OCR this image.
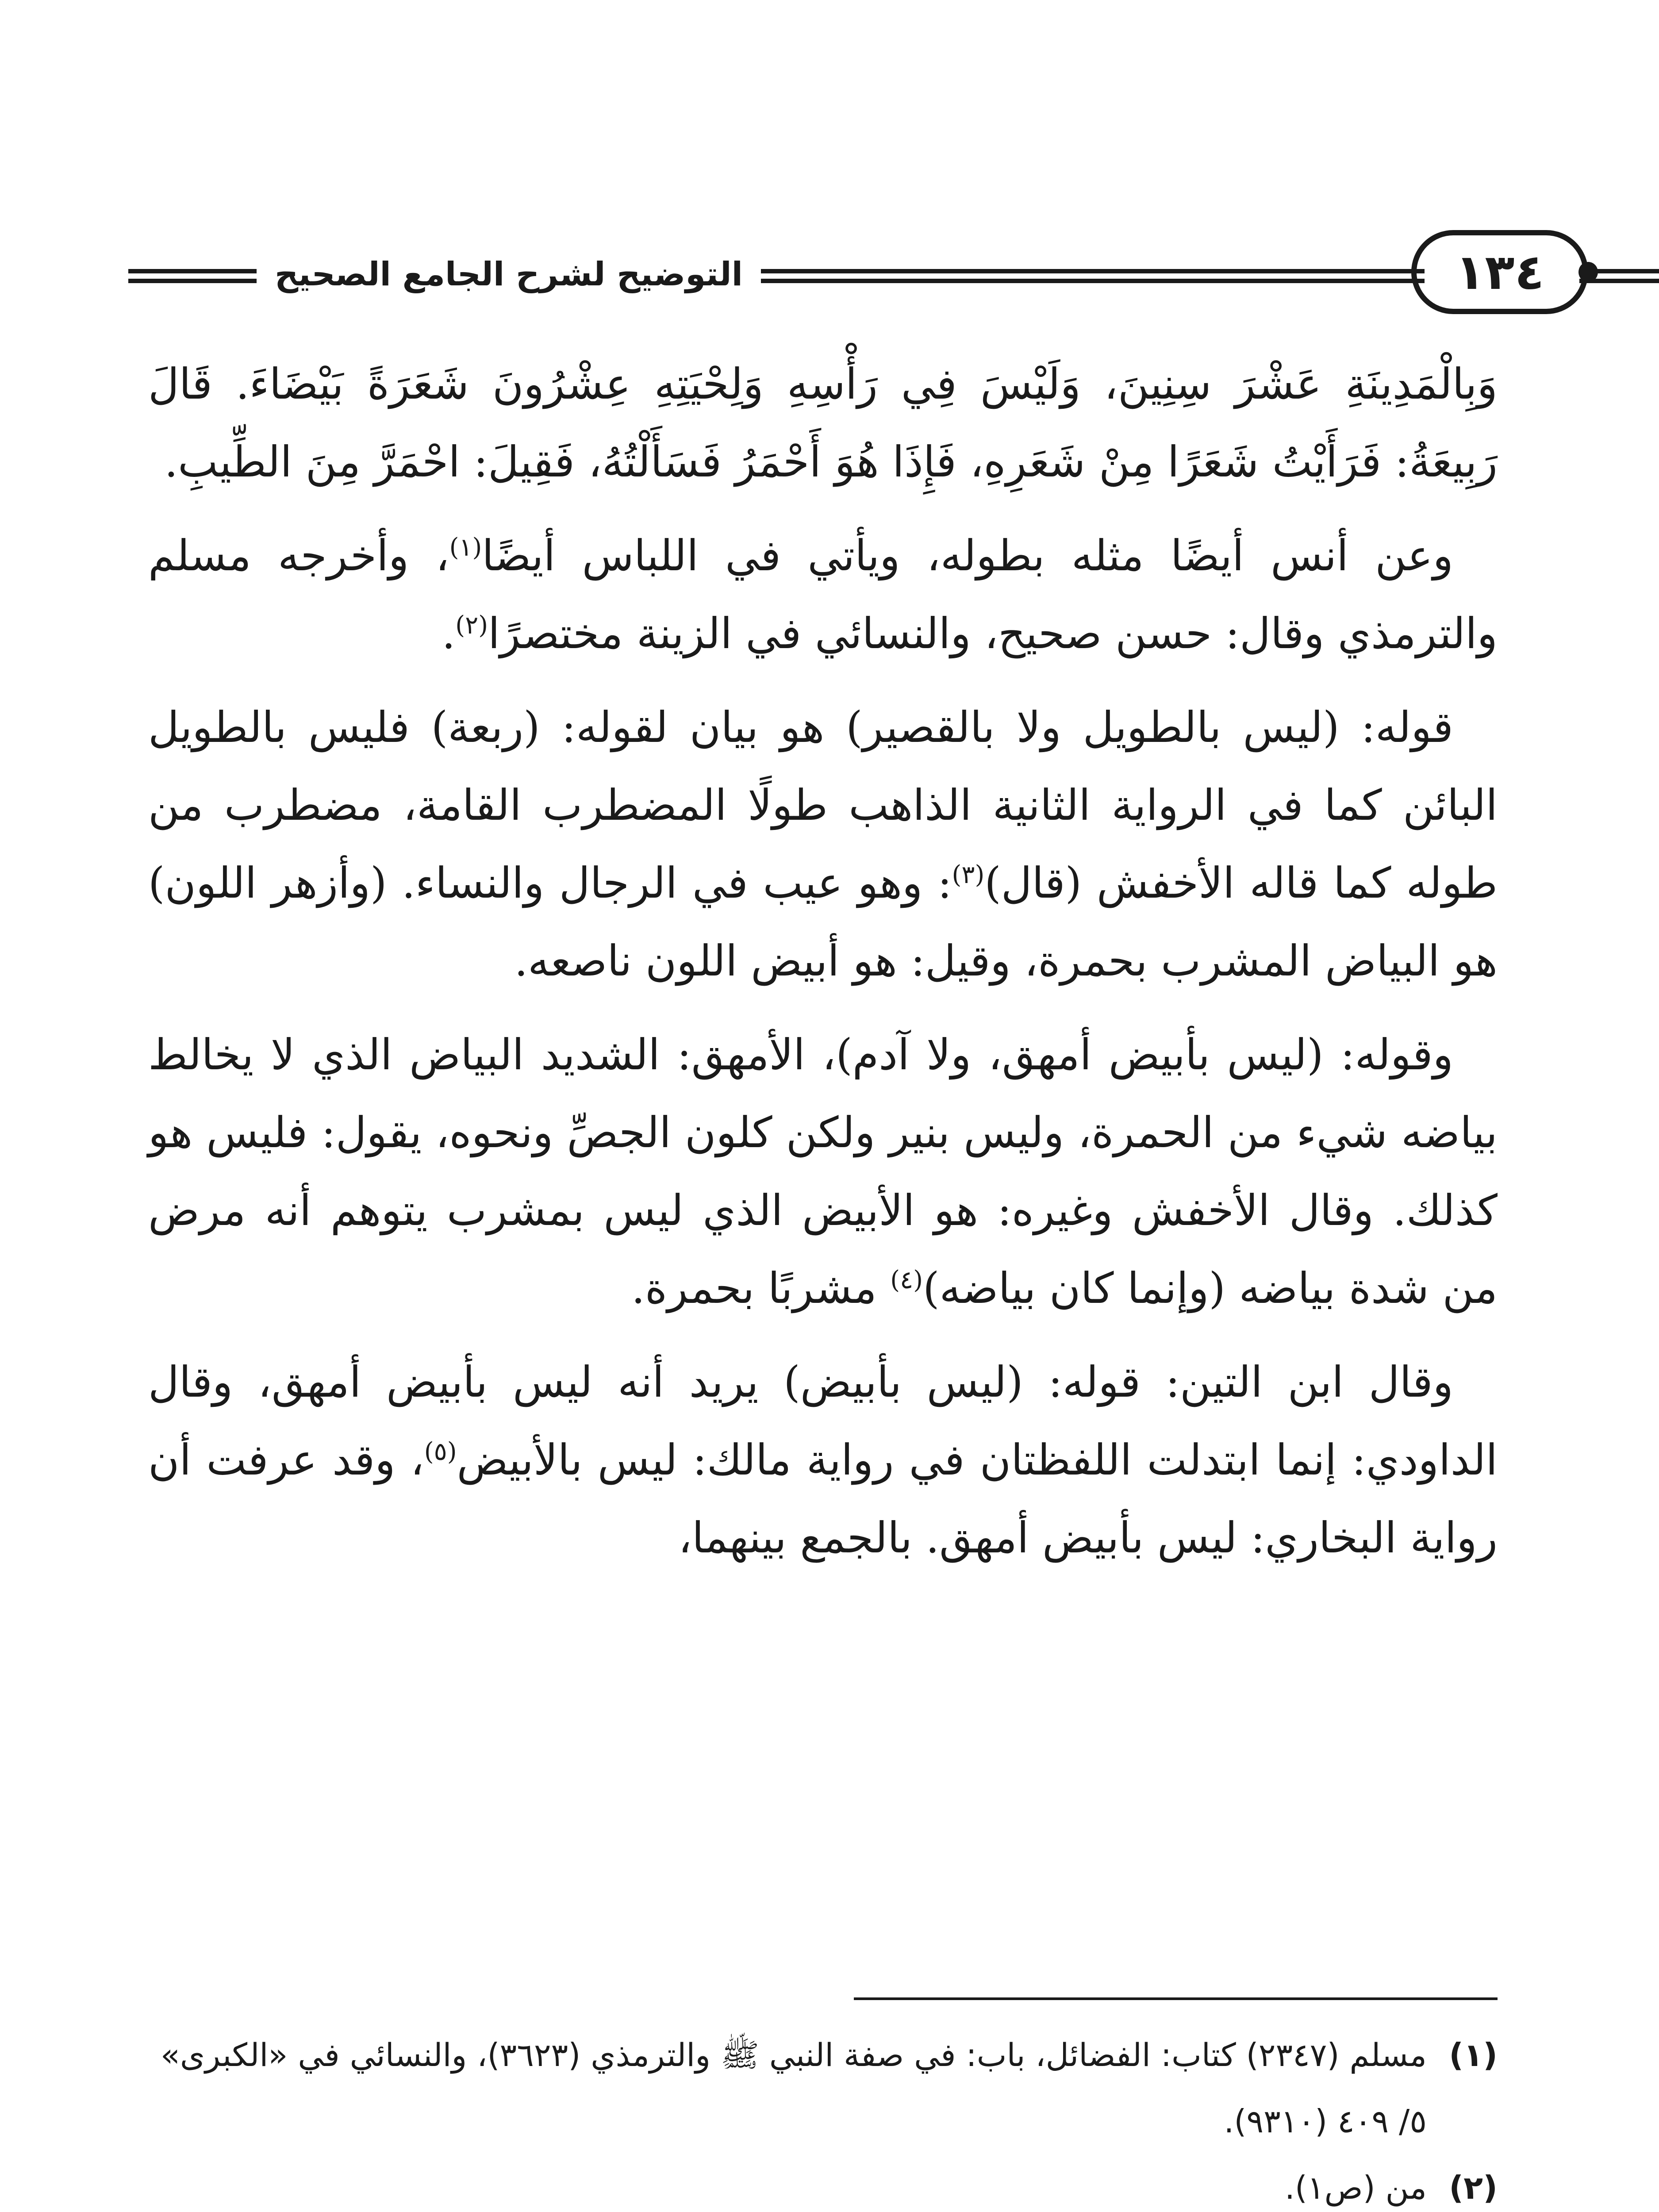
التوضيح لشرح الجامع الصحيح	١٣٤

وَبِالْمَدِينَةِ عَشْرَ سِنِينَ، وَلَيْسَ فِي رَأْسِهِ وَلِحْيَتِهِ عِشْرُونَ شَعَرَةً بَيْضَاءَ. قَالَ رَبِيعَةُ: فَرَأَيْتُ شَعَرًا مِنْ شَعَرِهِ، فَإِذَا هُوَ أَحْمَرُ فَسَأَلْتُهُ، فَقِيلَ: احْمَرَّ مِنَ الطِّيبِ.

وعن أنس أيضًا مثله بطوله، ويأتي في اللباس أيضًا$^{(١)}$، وأخرجه مسلم والترمذي وقال: حسن صحيح، والنسائي في الزينة مختصرًا$^{(٢)}$.

قوله: (ليس بالطويل ولا بالقصير) هو بيان لقوله: (ربعة) فليس بالطويل البائن كما في الرواية الثانية الذاهب طولًا المضطرب القامة، مضطرب من طوله كما قاله الأخفش (قال)$^{(٣)}$: وهو عيب في الرجال والنساء. (وأزهر اللون) هو البياض المشرب بحمرة، وقيل: هو أبيض اللون ناصعه.

وقوله: (ليس بأبيض أمهق، ولا آدم)، الأمهق: الشديد البياض الذي لا يخالط بياضه شيء من الحمرة، وليس بنير ولكن كلون الجصِّ ونحوه، يقول: فليس هو كذلك. وقال الأخفش وغيره: هو الأبيض الذي ليس بمشرب يتوهم أنه مرض من شدة بياضه (وإنما كان بياضه)$^{(٤)}$ مشربًا بحمرة.

وقال ابن التين: قوله: (ليس بأبيض) يريد أنه ليس بأبيض أمهق، وقال الداودي: إنما ابتدلت اللفظتان في رواية مالك: ليس بالأبيض$^{(٥)}$، وقد عرفت أن رواية البخاري: ليس بأبيض أمهق. بالجمع بينهما،

(١)
مسلم (٢٣٤٧) كتاب: الفضائل، باب: في صفة النبي ﷺ والترمذي (٣٦٢٣)، والنسائي في «الكبرى» ٥/ ٤٠٩ (٩٣١٠).
(٢)
من (ص١).
